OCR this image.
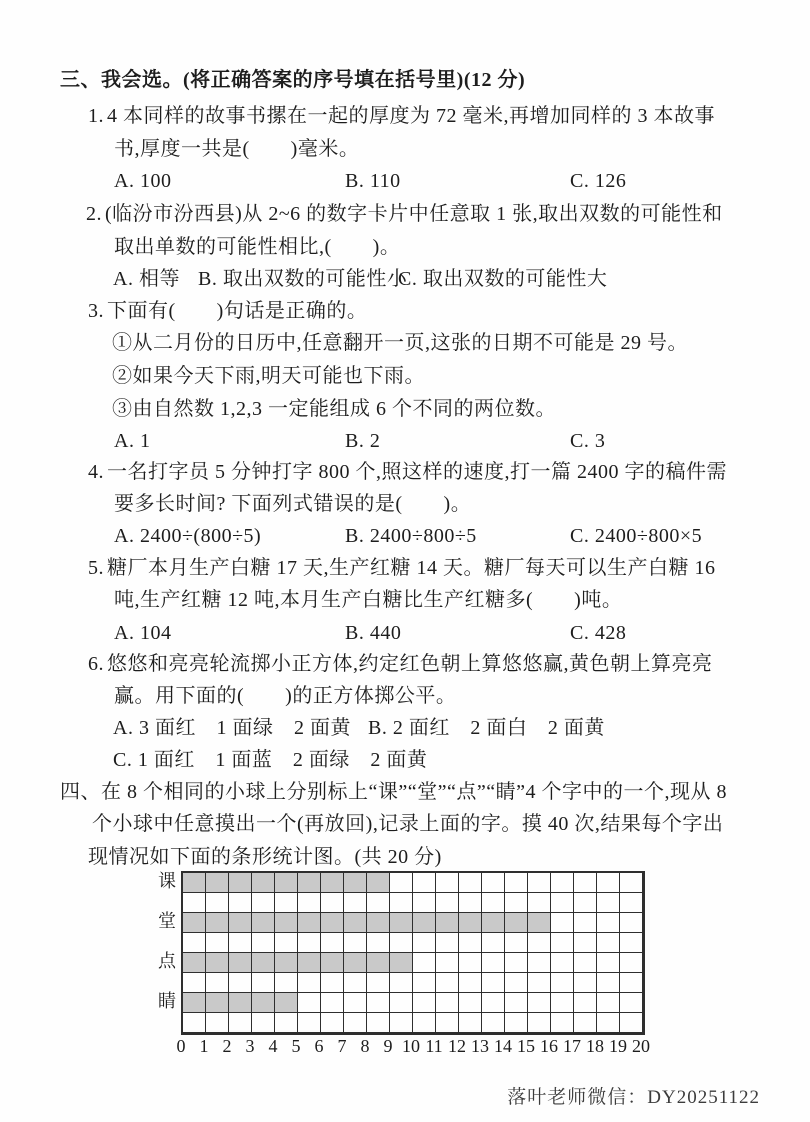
三、我会选。(将正确答案的序号填在括号里)(12 分)
1. 4 本同样的故事书摞在一起的厚度为 72 毫米,再增加同样的 3 本故事
书,厚度一共是(　　)毫米。
A. 100	B. 110	C. 126
2. (临汾市汾西县)从 2~6 的数字卡片中任意取 1 张,取出双数的可能性和
取出单数的可能性相比,(　　)。
A. 相等 B. 取出双数的可能性小
C. 取出双数的可能性大
3. 下面有(　　)句话是正确的。
①从二月份的日历中,任意翻开一页,这张的日期不可能是 29 号。
②如果今天下雨,明天可能也下雨。
③由自然数 1,2,3 一定能组成 6 个不同的两位数。
A. 1	B. 2	C. 3
4. 一名打字员 5 分钟打字 800 个,照这样的速度,打一篇 2400 字的稿件需
要多长时间? 下面列式错误的是(　　)。
A. 2400÷(800÷5)	B. 2400÷800÷5	C. 2400÷800×5
5. 糖厂本月生产白糖 17 天,生产红糖 14 天。糖厂每天可以生产白糖 16
吨,生产红糖 12 吨,本月生产白糖比生产红糖多(　　)吨。
A. 104	B. 440	C. 428
6. 悠悠和亮亮轮流掷小正方体,约定红色朝上算悠悠赢,黄色朝上算亮亮
赢。用下面的(　　)的正方体掷公平。
A. 3 面红　1 面绿　2 面黄 B. 2 面红　2 面白　2 面黄
C. 1 面红　1 面蓝　2 面绿　2 面黄
四、在 8 个相同的小球上分别标上“课”“堂”“点”“睛”4 个字中的一个,现从 8
个小球中任意摸出一个(再放回),记录上面的字。摸 40 次,结果每个字出
现情况如下面的条形统计图。(共 20 分)
落叶老师微信：DY20251122
课
堂
点
睛
0 1 2 3 4 5 6 7 8 9 10 11 12 13 14 15 16 17 18 19 20
